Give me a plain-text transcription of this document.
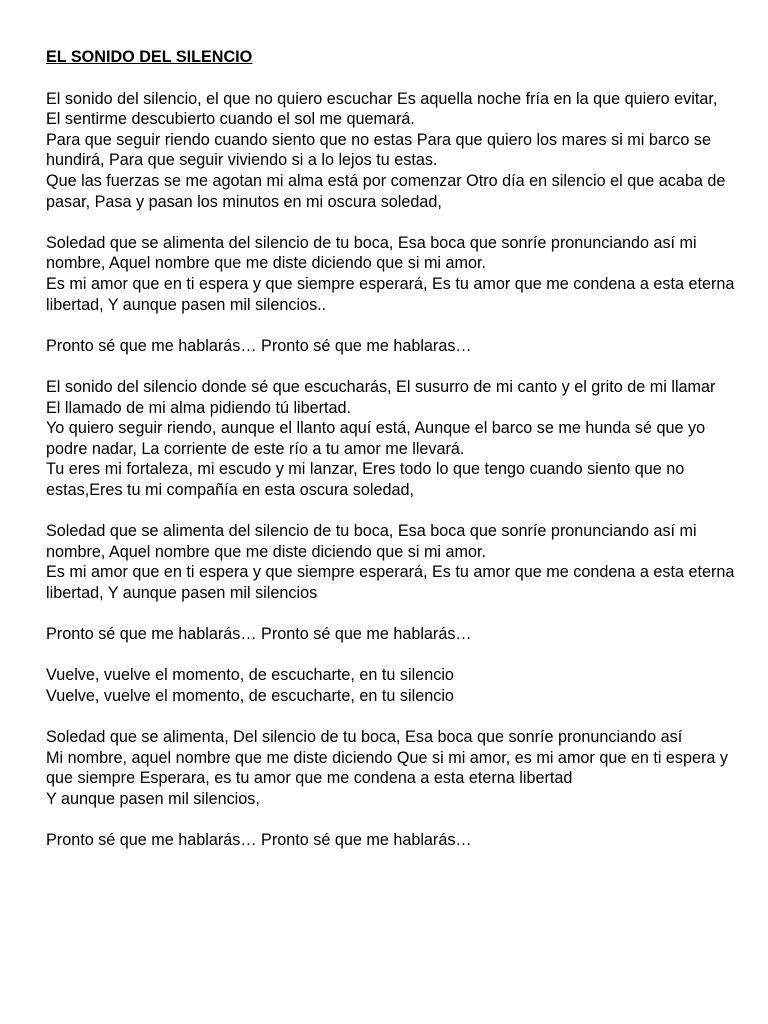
EL SONIDO DEL SILENCIO
El sonido del silencio, el que no quiero escuchar Es aquella noche fría en la que quiero evitar,
El sentirme descubierto cuando el sol me quemará.
Para que seguir riendo cuando siento que no estas Para que quiero los mares si mi barco se hundirá, Para que seguir viviendo si a lo lejos tu estas.
Que las fuerzas se me agotan mi alma está por comenzar Otro día en silencio el que acaba de pasar, Pasa y pasan los minutos en mi oscura soledad,
Soledad que se alimenta del silencio de tu boca, Esa boca que sonríe pronunciando así mi nombre, Aquel nombre que me diste diciendo que si mi amor.
Es mi amor que en ti espera y que siempre esperará, Es tu amor que me condena a esta eterna libertad, Y aunque pasen mil silencios..
Pronto sé que me hablarás… Pronto sé que me hablaras…
El sonido del silencio donde sé que escucharás, El susurro de mi canto y el grito de mi llamar
El llamado de mi alma pidiendo tú libertad.
Yo quiero seguir riendo, aunque el llanto aquí está, Aunque el barco se me hunda sé que yo podre nadar, La corriente de este río a tu amor me llevará.
Tu eres mi fortaleza, mi escudo y mi lanzar, Eres todo lo que tengo cuando siento que no estas,Eres tu mi compañía en esta oscura soledad,
Soledad que se alimenta del silencio de tu boca, Esa boca que sonríe pronunciando así mi nombre, Aquel nombre que me diste diciendo que si mi amor.
Es mi amor que en ti espera y que siempre esperará, Es tu amor que me condena a esta eterna libertad, Y aunque pasen mil silencios
Pronto sé que me hablarás… Pronto sé que me hablarás…
Vuelve, vuelve el momento, de escucharte, en tu silencio
Vuelve, vuelve el momento, de escucharte, en tu silencio
Soledad que se alimenta, Del silencio de tu boca, Esa boca que sonríe pronunciando así
Mi nombre, aquel nombre que me diste diciendo Que si mi amor, es mi amor que en ti espera y que siempre Esperara, es tu amor que me condena a esta eterna libertad
Y aunque pasen mil silencios,
Pronto sé que me hablarás… Pronto sé que me hablarás…
